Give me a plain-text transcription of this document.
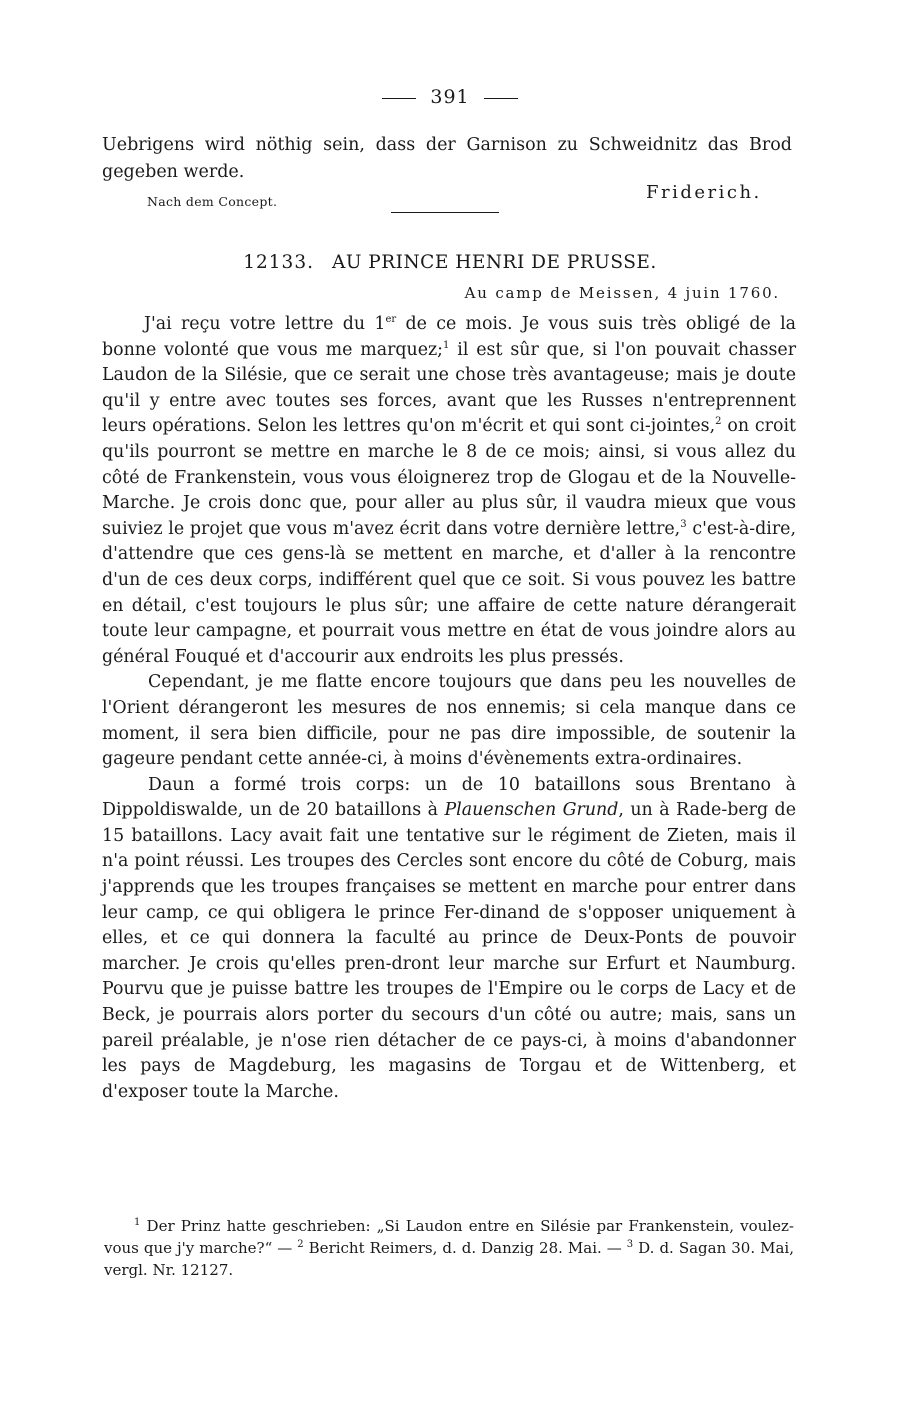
391
Uebrigens wird nöthig sein, dass der Garnison zu Schweidnitz das Brod gegeben werde.
Nach dem Concept.	Friderich.
12133. AU PRINCE HENRI DE PRUSSE.
Au camp de Meissen, 4 juin 1760.

J'ai reçu votre lettre du 1er de ce mois. Je vous suis très obligé de la bonne volonté que vous me marquez;$^1$ il est sûr que, si l'on pouvait chasser Laudon de la Silésie, que ce serait une chose très avantageuse; mais je doute qu'il y entre avec toutes ses forces, avant que les Russes n'entreprennent leurs opérations. Selon les lettres qu'on m'écrit et qui sont ci-jointes,$^2$ on croit qu'ils pourront se mettre en marche le 8 de ce mois; ainsi, si vous allez du côté de Frankenstein, vous vous éloignerez trop de Glogau et de la Nouvelle-Marche. Je crois donc que, pour aller au plus sûr, il vaudra mieux que vous suiviez le projet que vous m'avez écrit dans votre dernière lettre,$^3$ c'est-à-dire, d'attendre que ces gens-là se mettent en marche, et d'aller à la rencontre d'un de ces deux corps, indifférent quel que ce soit. Si vous pouvez les battre en détail, c'est toujours le plus sûr; une affaire de cette nature dérangerait toute leur campagne, et pourrait vous mettre en état de vous joindre alors au général Fouqué et d'accourir aux endroits les plus pressés.

Cependant, je me flatte encore toujours que dans peu les nouvelles de l'Orient dérangeront les mesures de nos ennemis; si cela manque dans ce moment, il sera bien difficile, pour ne pas dire impossible, de soutenir la gageure pendant cette année-ci, à moins d'évènements extra-ordinaires.

Daun a formé trois corps: un de 10 bataillons sous Brentano à Dippoldiswalde, un de 20 bataillons à Plauenschen Grund, un à Rade-berg de 15 bataillons. Lacy avait fait une tentative sur le régiment de Zieten, mais il n'a point réussi. Les troupes des Cercles sont encore du côté de Coburg, mais j'apprends que les troupes françaises se mettent en marche pour entrer dans leur camp, ce qui obligera le prince Fer-dinand de s'opposer uniquement à elles, et ce qui donnera la faculté au prince de Deux-Ponts de pouvoir marcher. Je crois qu'elles pren-dront leur marche sur Erfurt et Naumburg. Pourvu que je puisse battre les troupes de l'Empire ou le corps de Lacy et de Beck, je pourrais alors porter du secours d'un côté ou autre; mais, sans un pareil préalable, je n'ose rien détacher de ce pays-ci, à moins d'abandonner les pays de Magdeburg, les magasins de Torgau et de Wittenberg, et d'exposer toute la Marche.

$^1$ Der Prinz hatte geschrieben: „Si Laudon entre en Silésie par Frankenstein, voulez-vous que j'y marche?“ — $^2$ Bericht Reimers, d. d. Danzig 28. Mai. — $^3$ D. d. Sagan 30. Mai, vergl. Nr. 12127.
